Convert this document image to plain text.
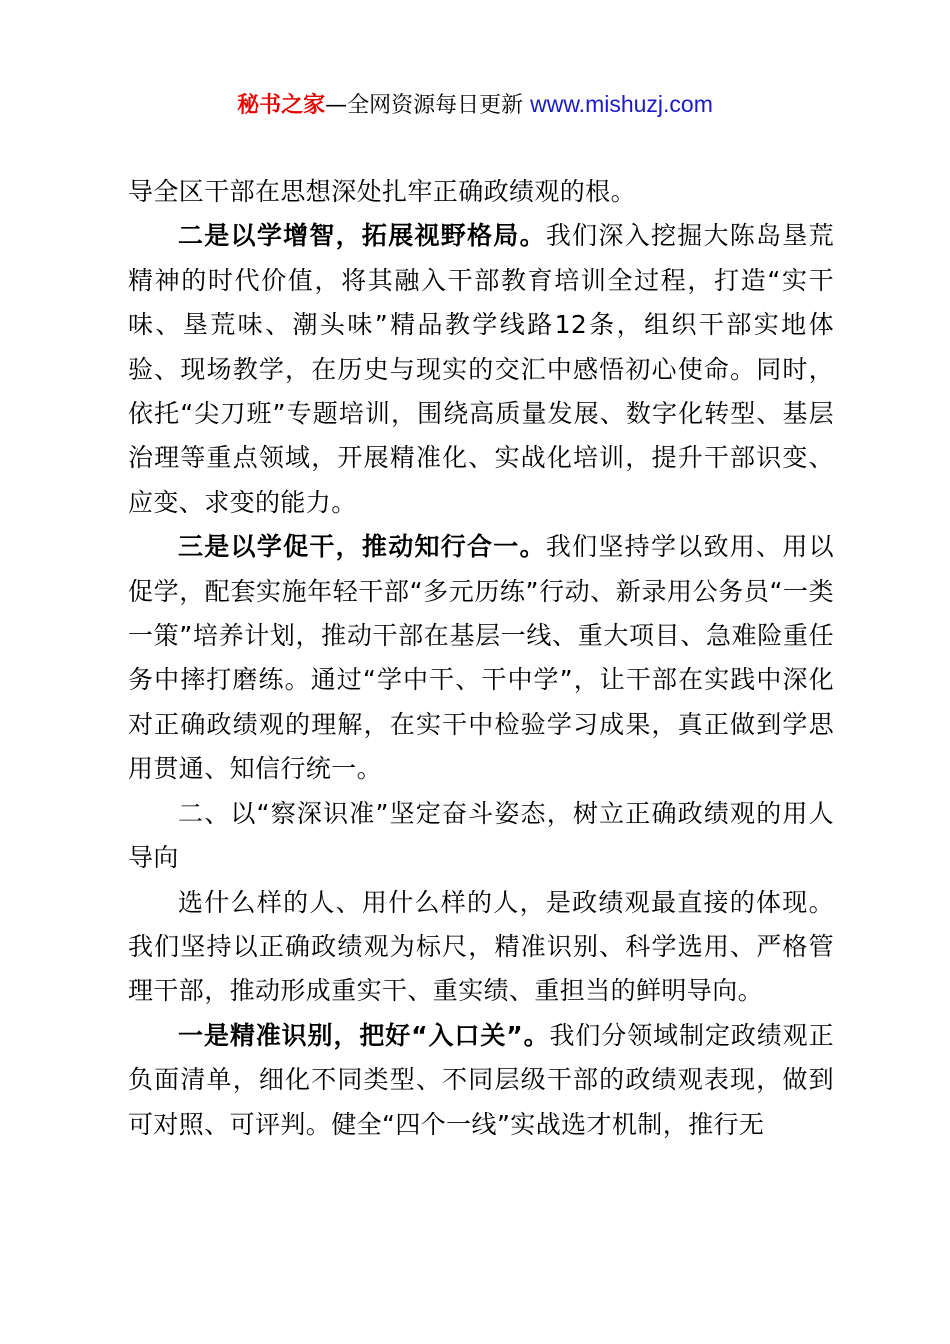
秘书之家—全网资源每日更新 www.mishuzj.com

导全区干部在思想深处扎牢正确政绩观的根。

二是以学增智，拓展视野格局。我们深入挖掘大陈岛垦荒精神的时代价值，将其融入干部教育培训全过程，打造“实干味、垦荒味、潮头味”精品教学线路12条，组织干部实地体验、现场教学，在历史与现实的交汇中感悟初心使命。同时，依托“尖刀班”专题培训，围绕高质量发展、数字化转型、基层治理等重点领域，开展精准化、实战化培训，提升干部识变、应变、求变的能力。

三是以学促干，推动知行合一。我们坚持学以致用、用以促学，配套实施年轻干部“多元历练”行动、新录用公务员“一类一策”培养计划，推动干部在基层一线、重大项目、急难险重任务中摔打磨练。通过“学中干、干中学”，让干部在实践中深化对正确政绩观的理解，在实干中检验学习成果，真正做到学思用贯通、知信行统一。

二、以“察深识准”坚定奋斗姿态，树立正确政绩观的用人导向

选什么样的人、用什么样的人，是政绩观最直接的体现。我们坚持以正确政绩观为标尺，精准识别、科学选用、严格管理干部，推动形成重实干、重实绩、重担当的鲜明导向。

一是精准识别，把好“入口关”。我们分领域制定政绩观正负面清单，细化不同类型、不同层级干部的政绩观表现，做到可对照、可评判。健全“四个一线”实战选才机制，推行无
